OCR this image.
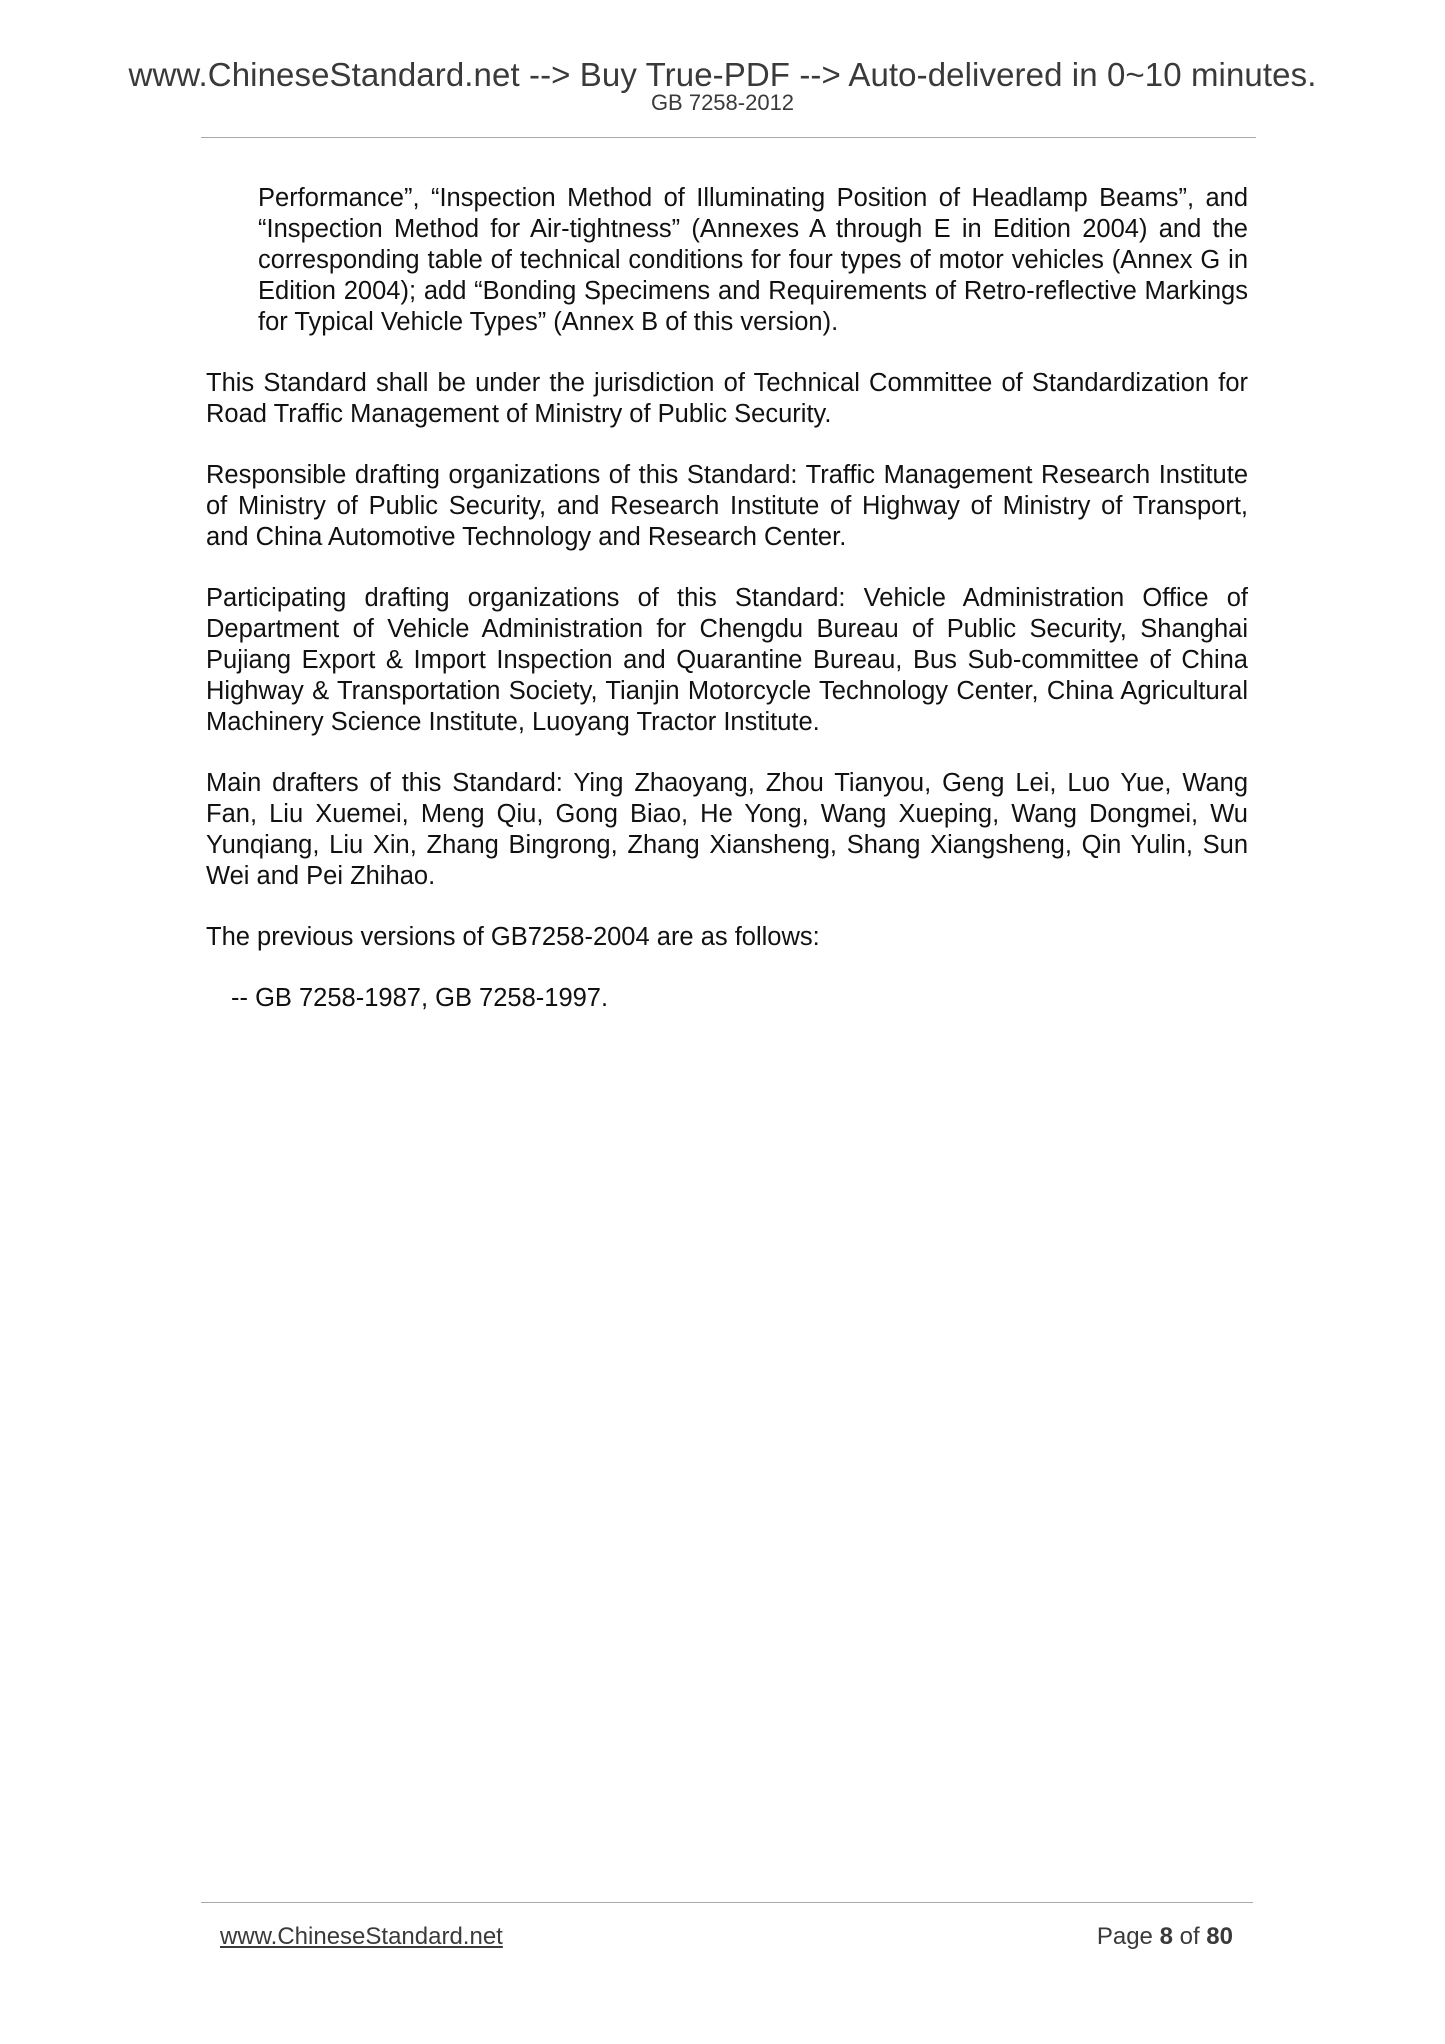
www.ChineseStandard.net --> Buy True-PDF --> Auto-delivered in 0~10 minutes.
GB 7258-2012

Performance”, “Inspection Method of Illuminating Position of Headlamp Beams”, and “Inspection Method for Air-tightness” (Annexes A through E in Edition 2004) and the corresponding table of technical conditions for four types of motor vehicles (Annex G in Edition 2004); add “Bonding Specimens and Requirements of Retro-reflective Markings for Typical Vehicle Types” (Annex B of this version).

This Standard shall be under the jurisdiction of Technical Committee of Standardization for Road Traffic Management of Ministry of Public Security.

Responsible drafting organizations of this Standard: Traffic Management Research Institute of Ministry of Public Security, and Research Institute of Highway of Ministry of Transport, and China Automotive Technology and Research Center.

Participating drafting organizations of this Standard: Vehicle Administration Office of Department of Vehicle Administration for Chengdu Bureau of Public Security, Shanghai Pujiang Export & Import Inspection and Quarantine Bureau, Bus Sub-committee of China Highway & Transportation Society, Tianjin Motorcycle Technology Center, China Agricultural Machinery Science Institute, Luoyang Tractor Institute.

Main drafters of this Standard: Ying Zhaoyang, Zhou Tianyou, Geng Lei, Luo Yue, Wang Fan, Liu Xuemei, Meng Qiu, Gong Biao, He Yong, Wang Xueping, Wang Dongmei, Wu Yunqiang, Liu Xin, Zhang Bingrong, Zhang Xiansheng, Shang Xiangsheng, Qin Yulin, Sun Wei and Pei Zhihao.

The previous versions of GB7258-2004 are as follows:

-- GB 7258-1987, GB 7258-1997.

www.ChineseStandard.net	Page 8 of 80
